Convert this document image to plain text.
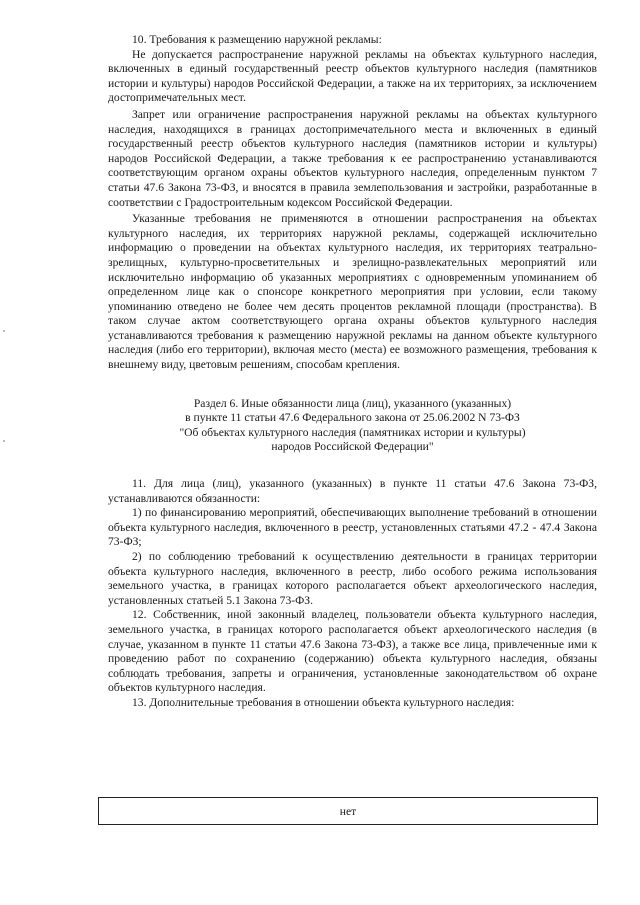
10. Требования к размещению наружной рекламы:

Не допускается распространение наружной рекламы на объектах культурного наследия, включенных в единый государственный реестр объектов культурного наследия (памятников истории и культуры) народов Российской Федерации, а также на их территориях, за исключением достопримечательных мест.

Запрет или ограничение распространения наружной рекламы на объектах культурного наследия, находящихся в границах достопримечательного места и включенных в единый государственный реестр объектов культурного наследия (памятников истории и культуры) народов Российской Федерации, а также требования к ее распространению устанавливаются соответствующим органом охраны объектов культурного наследия, определенным пунктом 7 статьи 47.6 Закона 73-ФЗ, и вносятся в правила землепользования и застройки, разработанные в соответствии с Градостроительным кодексом Российской Федерации.

Указанные требования не применяются в отношении распространения на объектах культурного наследия, их территориях наружной рекламы, содержащей исключительно информацию о проведении на объектах культурного наследия, их территориях театрально-зрелищных, культурно-просветительных и зрелищно-развлекательных мероприятий или исключительно информацию об указанных мероприятиях с одновременным упоминанием об определенном лице как о спонсоре конкретного мероприятия при условии, если такому упоминанию отведено не более чем десять процентов рекламной площади (пространства). В таком случае актом соответствующего органа охраны объектов культурного наследия устанавливаются требования к размещению наружной рекламы на данном объекте культурного наследия (либо его территории), включая место (места) ее возможного размещения, требования к внешнему виду, цветовым решениям, способам крепления.

Раздел 6. Иные обязанности лица (лиц), указанного (указанных)
в пункте 11 статьи 47.6 Федерального закона от 25.06.2002 N 73-ФЗ
"Об объектах культурного наследия (памятниках истории и культуры)
народов Российской Федерации"

11. Для лица (лиц), указанного (указанных) в пункте 11 статьи 47.6 Закона 73-ФЗ, устанавливаются обязанности:

1) по финансированию мероприятий, обеспечивающих выполнение требований в отношении объекта культурного наследия, включенного в реестр, установленных статьями 47.2 - 47.4 Закона 73-ФЗ;

2) по соблюдению требований к осуществлению деятельности в границах территории объекта культурного наследия, включенного в реестр, либо особого режима использования земельного участка, в границах которого располагается объект археологического наследия, установленных статьей 5.1 Закона 73-ФЗ.

12. Собственник, иной законный владелец, пользователи объекта культурного наследия, земельного участка, в границах которого располагается объект археологического наследия (в случае, указанном в пункте 11 статьи 47.6 Закона 73-ФЗ), а также все лица, привлеченные ими к проведению работ по сохранению (содержанию) объекта культурного наследия, обязаны соблюдать требования, запреты и ограничения, установленные законодательством об охране объектов культурного наследия.

13. Дополнительные требования в отношении объекта культурного наследия:

нет
